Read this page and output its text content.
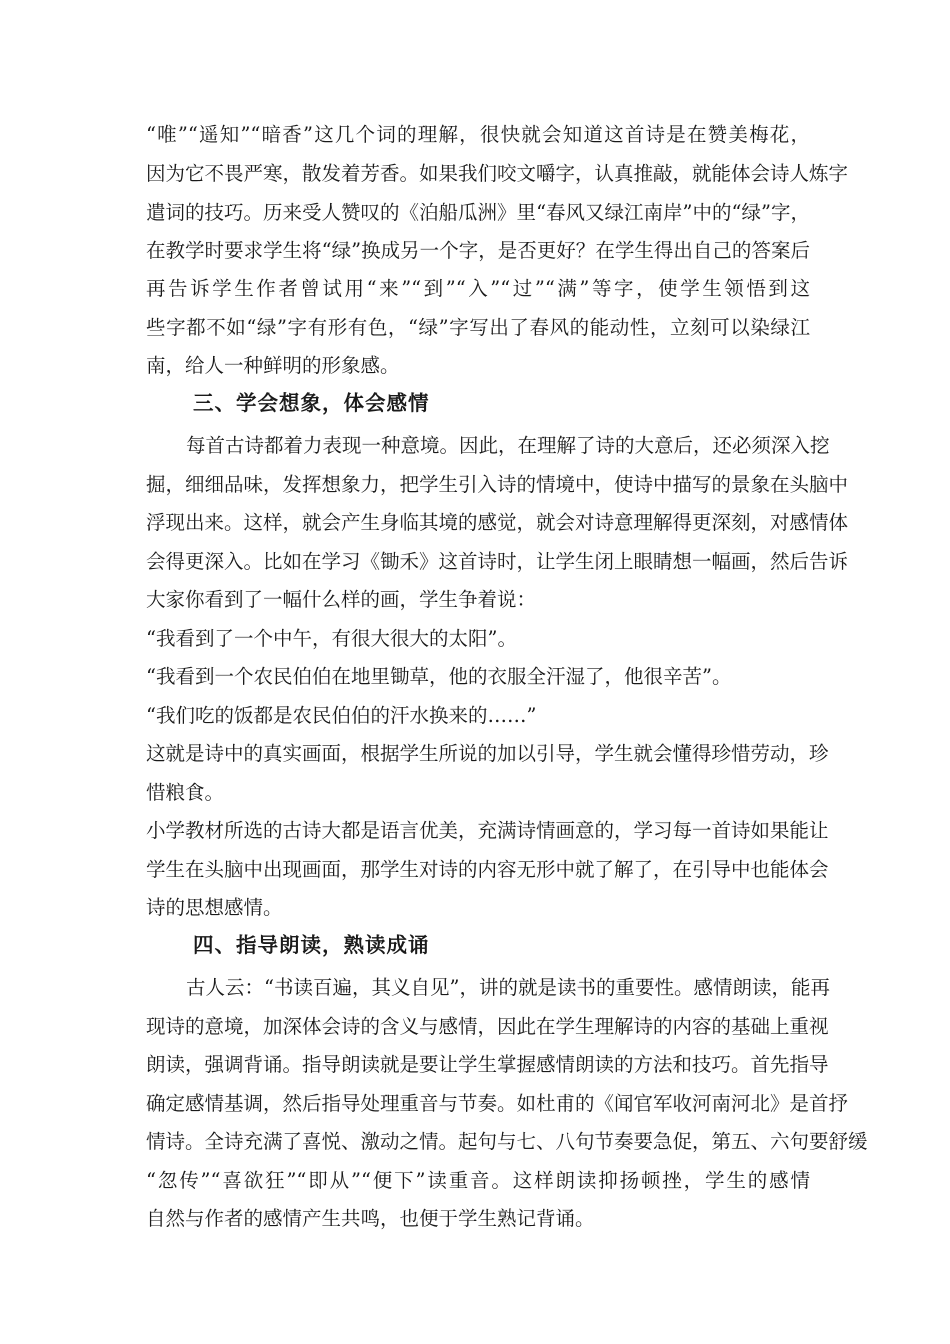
“唯”“遥知”“暗香”这几个词的理解，很快就会知道这首诗是在赞美梅花，
因为它不畏严寒，散发着芳香。如果我们咬文嚼字，认真推敲，就能体会诗人炼字
遣词的技巧。历来受人赞叹的《泊船瓜洲》里“春风又绿江南岸”中的“绿”字，
在教学时要求学生将“绿”换成另一个字，是否更好？在学生得出自己的答案后
再告诉学生作者曾试用“来”“到”“入”“过”“满”等字，使学生领悟到这
些字都不如“绿”字有形有色，“绿”字写出了春风的能动性，立刻可以染绿江
南，给人一种鲜明的形象感。
三、学会想象，体会感情
每首古诗都着力表现一种意境。因此，在理解了诗的大意后，还必须深入挖
掘，细细品味，发挥想象力，把学生引入诗的情境中，使诗中描写的景象在头脑中
浮现出来。这样，就会产生身临其境的感觉，就会对诗意理解得更深刻，对感情体
会得更深入。比如在学习《锄禾》这首诗时，让学生闭上眼睛想一幅画，然后告诉
大家你看到了一幅什么样的画，学生争着说：
“我看到了一个中午，有很大很大的太阳”。
“我看到一个农民伯伯在地里锄草，他的衣服全汗湿了，他很辛苦”。
“我们吃的饭都是农民伯伯的汗水换来的……”
这就是诗中的真实画面，根据学生所说的加以引导，学生就会懂得珍惜劳动，珍
惜粮食。
小学教材所选的古诗大都是语言优美，充满诗情画意的，学习每一首诗如果能让
学生在头脑中出现画面，那学生对诗的内容无形中就了解了，在引导中也能体会
诗的思想感情。
四、指导朗读，熟读成诵
古人云：“书读百遍，其义自见”，讲的就是读书的重要性。感情朗读，能再
现诗的意境，加深体会诗的含义与感情，因此在学生理解诗的内容的基础上重视
朗读，强调背诵。指导朗读就是要让学生掌握感情朗读的方法和技巧。首先指导
确定感情基调，然后指导处理重音与节奏。如杜甫的《闻官军收河南河北》是首抒
情诗。全诗充满了喜悦、激动之情。起句与七、八句节奏要急促，第五、六句要舒缓
“忽传”“喜欲狂”“即从”“便下”读重音。这样朗读抑扬顿挫，学生的感情
自然与作者的感情产生共鸣，也便于学生熟记背诵。
